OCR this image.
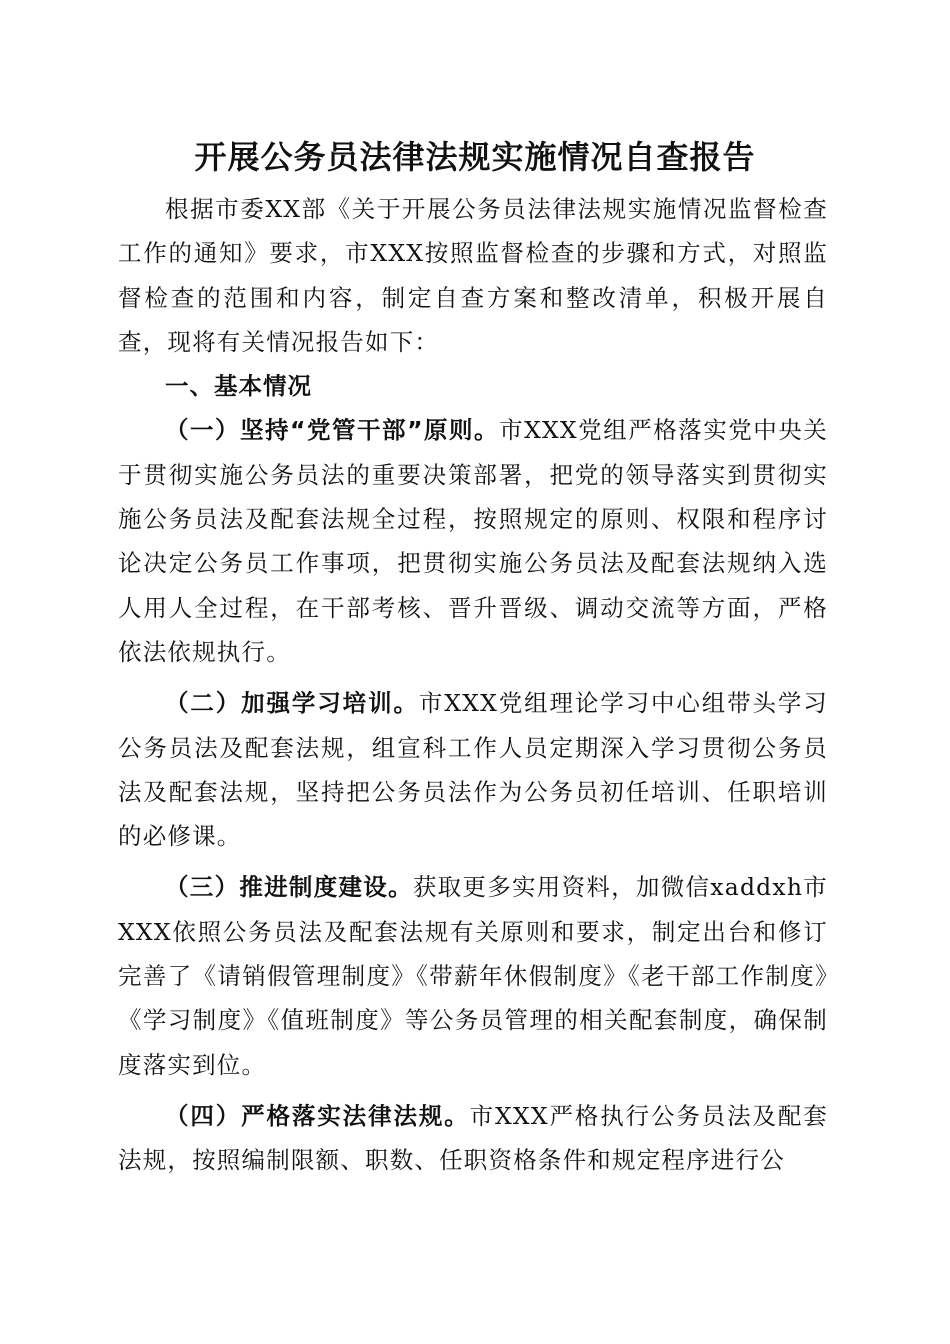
开展公务员法律法规实施情况自查报告

根据市委XX部《关于开展公务员法律法规实施情况监督检查工作的通知》要求，市XXX按照监督检查的步骤和方式，对照监督检查的范围和内容，制定自查方案和整改清单，积极开展自查，现将有关情况报告如下：

一、基本情况

（一）坚持“党管干部”原则。市XXX党组严格落实党中央关于贯彻实施公务员法的重要决策部署，把党的领导落实到贯彻实施公务员法及配套法规全过程，按照规定的原则、权限和程序讨论决定公务员工作事项，把贯彻实施公务员法及配套法规纳入选人用人全过程，在干部考核、晋升晋级、调动交流等方面，严格依法依规执行。

（二）加强学习培训。市XXX党组理论学习中心组带头学习公务员法及配套法规，组宣科工作人员定期深入学习贯彻公务员法及配套法规，坚持把公务员法作为公务员初任培训、任职培训的必修课。

（三）推进制度建设。获取更多实用资料，加微信xaddxh市XXX依照公务员法及配套法规有关原则和要求，制定出台和修订完善了《请销假管理制度》《带薪年休假制度》《老干部工作制度》《学习制度》《值班制度》等公务员管理的相关配套制度，确保制度落实到位。

（四）严格落实法律法规。市XXX严格执行公务员法及配套法规，按照编制限额、职数、任职资格条件和规定程序进行公
